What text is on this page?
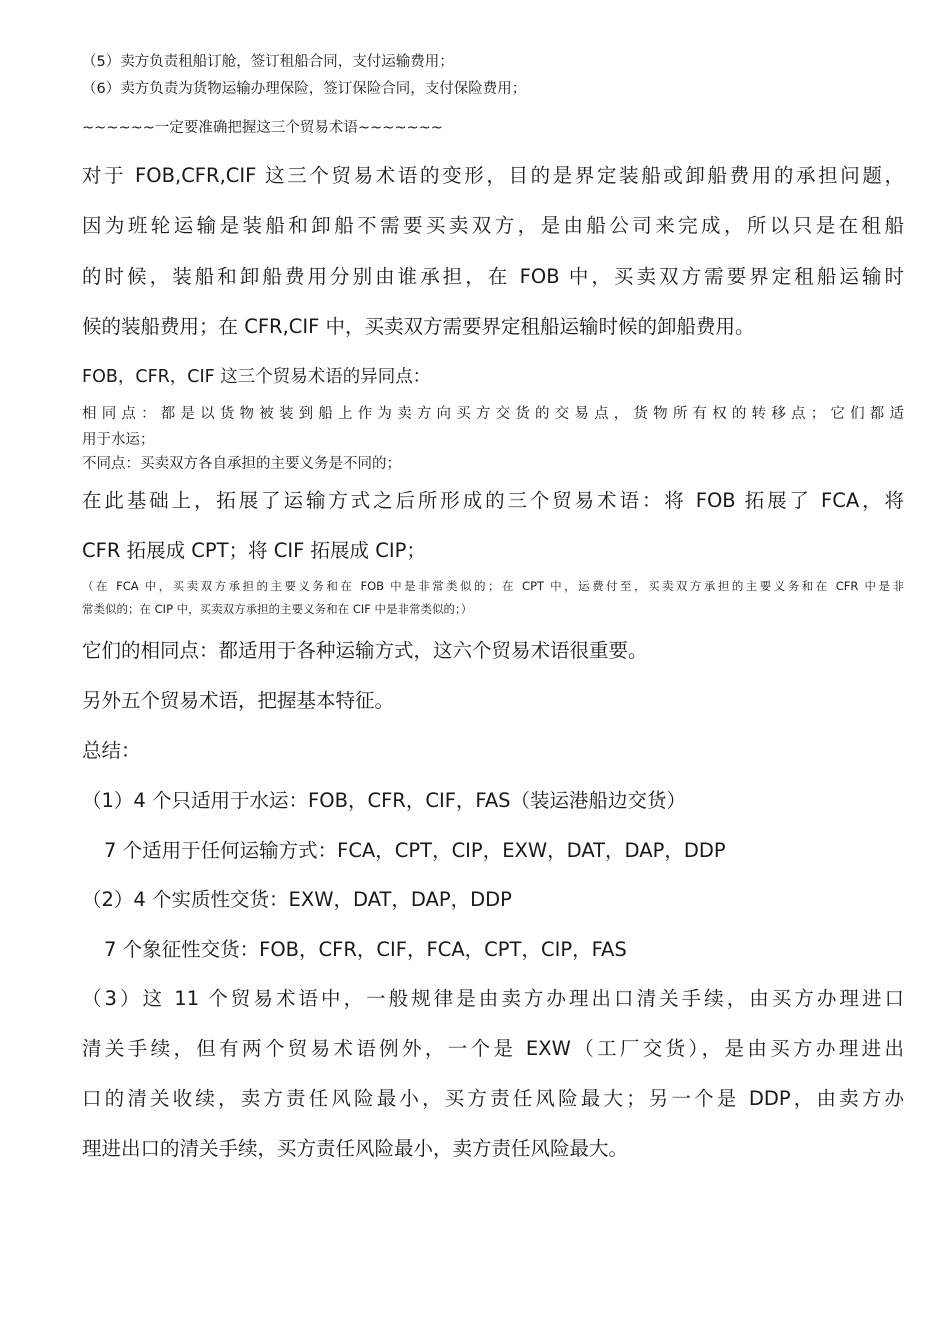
（5）卖方负责租船订舱，签订租船合同，支付运输费用；
（6）卖方负责为货物运输办理保险，签订保险合同，支付保险费用；
~~~~~~一定要准确把握这三个贸易术语~~~~~~~
对于 FOB,CFR,CIF 这三个贸易术语的变形，目的是界定装船或卸船费用的承担问题，
因为班轮运输是装船和卸船不需要买卖双方，是由船公司来完成，所以只是在租船
的时候，装船和卸船费用分别由谁承担，在 FOB 中，买卖双方需要界定租船运输时
候的装船费用；在 CFR,CIF 中，买卖双方需要界定租船运输时候的卸船费用。
FOB，CFR，CIF 这三个贸易术语的异同点：
相同点：都是以货物被装到船上作为卖方向买方交货的交易点，货物所有权的转移点；它们都适
用于水运；
不同点：买卖双方各自承担的主要义务是不同的；
在此基础上，拓展了运输方式之后所形成的三个贸易术语：将 FOB 拓展了 FCA，将
CFR 拓展成 CPT；将 CIF 拓展成 CIP；
（在 FCA 中，买卖双方承担的主要义务和在 FOB 中是非常类似的；在 CPT 中，运费付至，买卖双方承担的主要义务和在 CFR 中是非
常类似的；在 CIP 中，买卖双方承担的主要义务和在 CIF 中是非常类似的；）
它们的相同点：都适用于各种运输方式，这六个贸易术语很重要。
另外五个贸易术语，把握基本特征。
总结：
（1）4 个只适用于水运：FOB，CFR，CIF，FAS（装运港船边交货）
7 个适用于任何运输方式：FCA，CPT，CIP，EXW，DAT，DAP，DDP
（2）4 个实质性交货：EXW，DAT，DAP，DDP
7 个象征性交货：FOB，CFR，CIF，FCA，CPT，CIP，FAS
（3）这 11 个贸易术语中，一般规律是由卖方办理出口清关手续，由买方办理进口
清关手续，但有两个贸易术语例外，一个是 EXW（工厂交货），是由买方办理进出
口的清关收续，卖方责任风险最小，买方责任风险最大；另一个是 DDP，由卖方办
理进出口的清关手续，买方责任风险最小，卖方责任风险最大。
